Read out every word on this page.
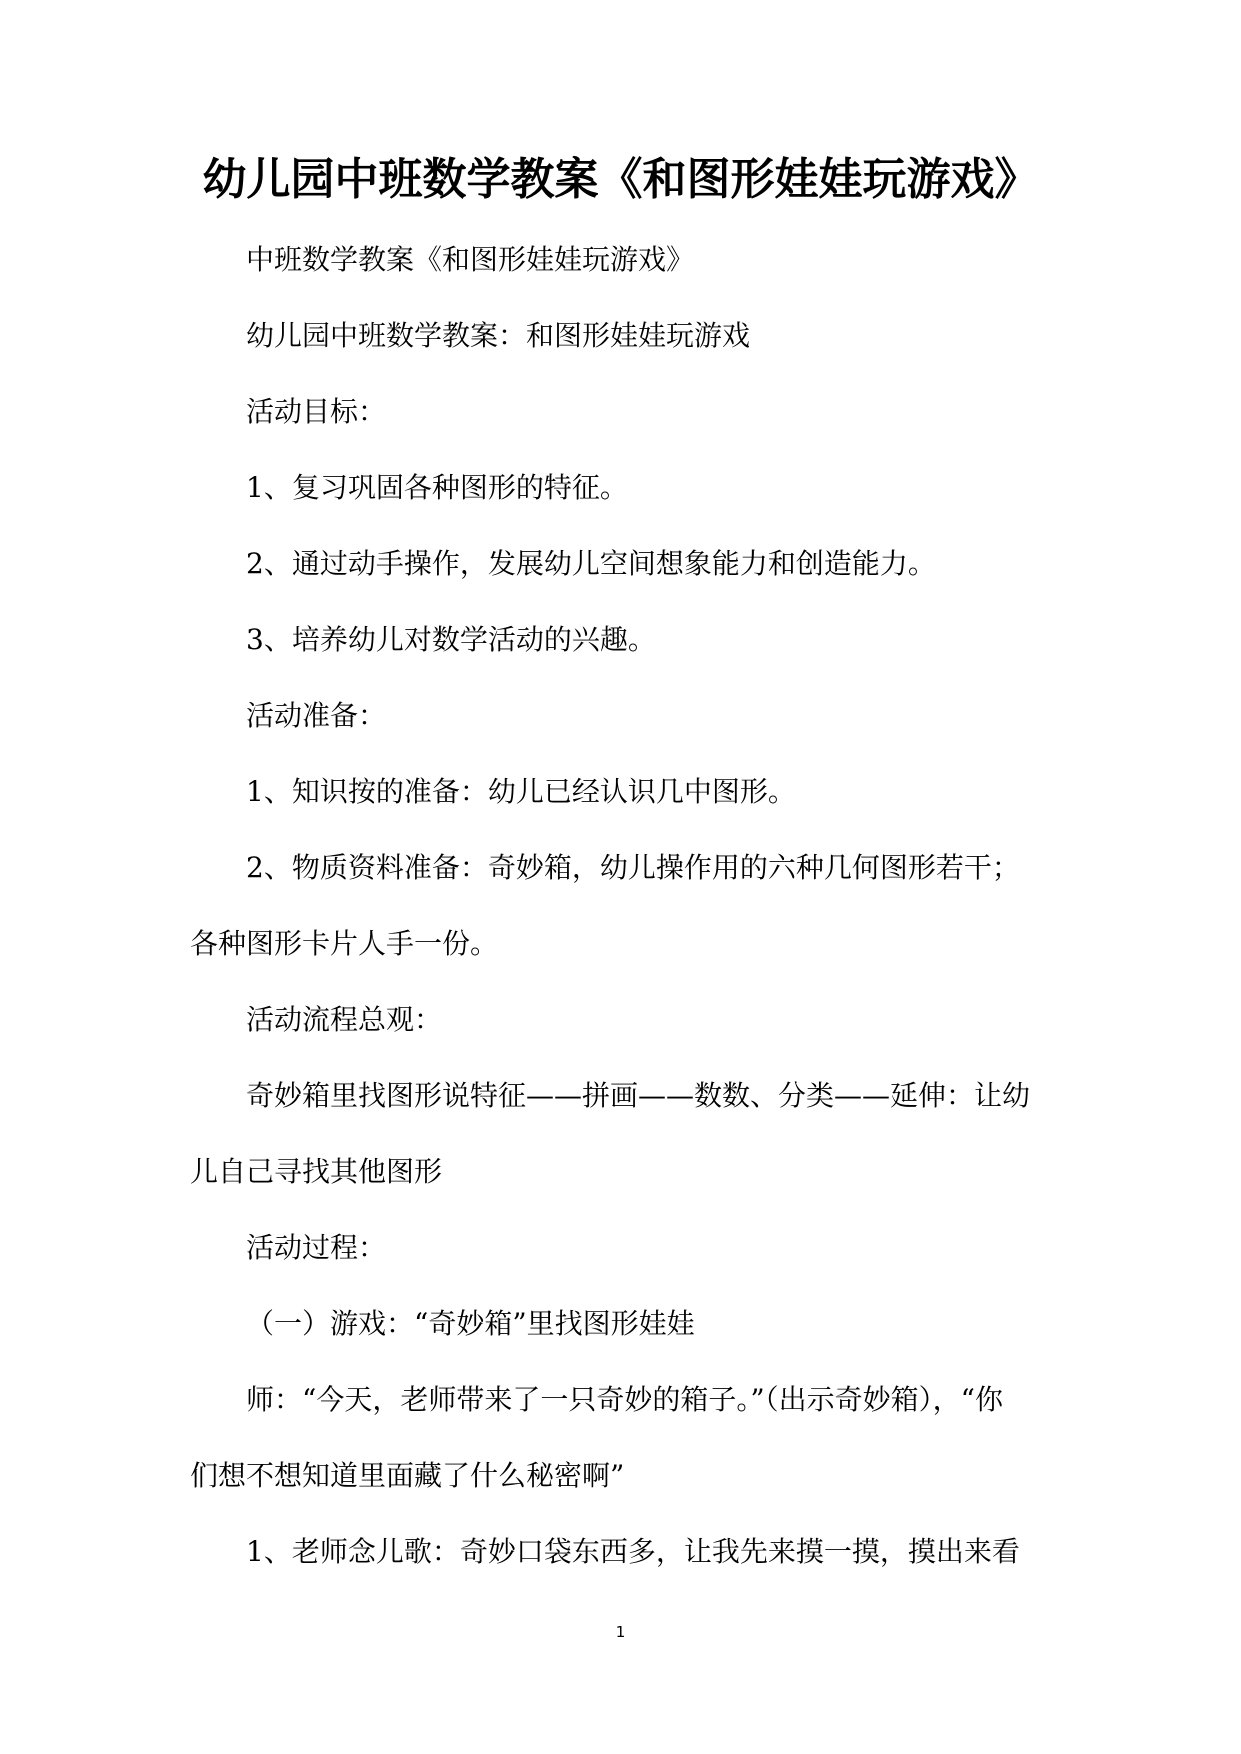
幼儿园中班数学教案《和图形娃娃玩游戏》

中班数学教案《和图形娃娃玩游戏》

幼儿园中班数学教案：和图形娃娃玩游戏

活动目标：

1、复习巩固各种图形的特征。

2、通过动手操作，发展幼儿空间想象能力和创造能力。

3、培养幼儿对数学活动的兴趣。

活动准备：

1、知识按的准备：幼儿已经认识几中图形。

2、物质资料准备：奇妙箱，幼儿操作用的六种几何图形若干；

各种图形卡片人手一份。

活动流程总观：

奇妙箱里找图形说特征——拼画——数数、分类——延伸：让幼

儿自己寻找其他图形

活动过程：

（一）游戏：“奇妙箱”里找图形娃娃

师：“今天，老师带来了一只奇妙的箱子。”（出示奇妙箱），“你

们想不想知道里面藏了什么秘密啊”

1、老师念儿歌：奇妙口袋东西多，让我先来摸一摸，摸出来看

1
